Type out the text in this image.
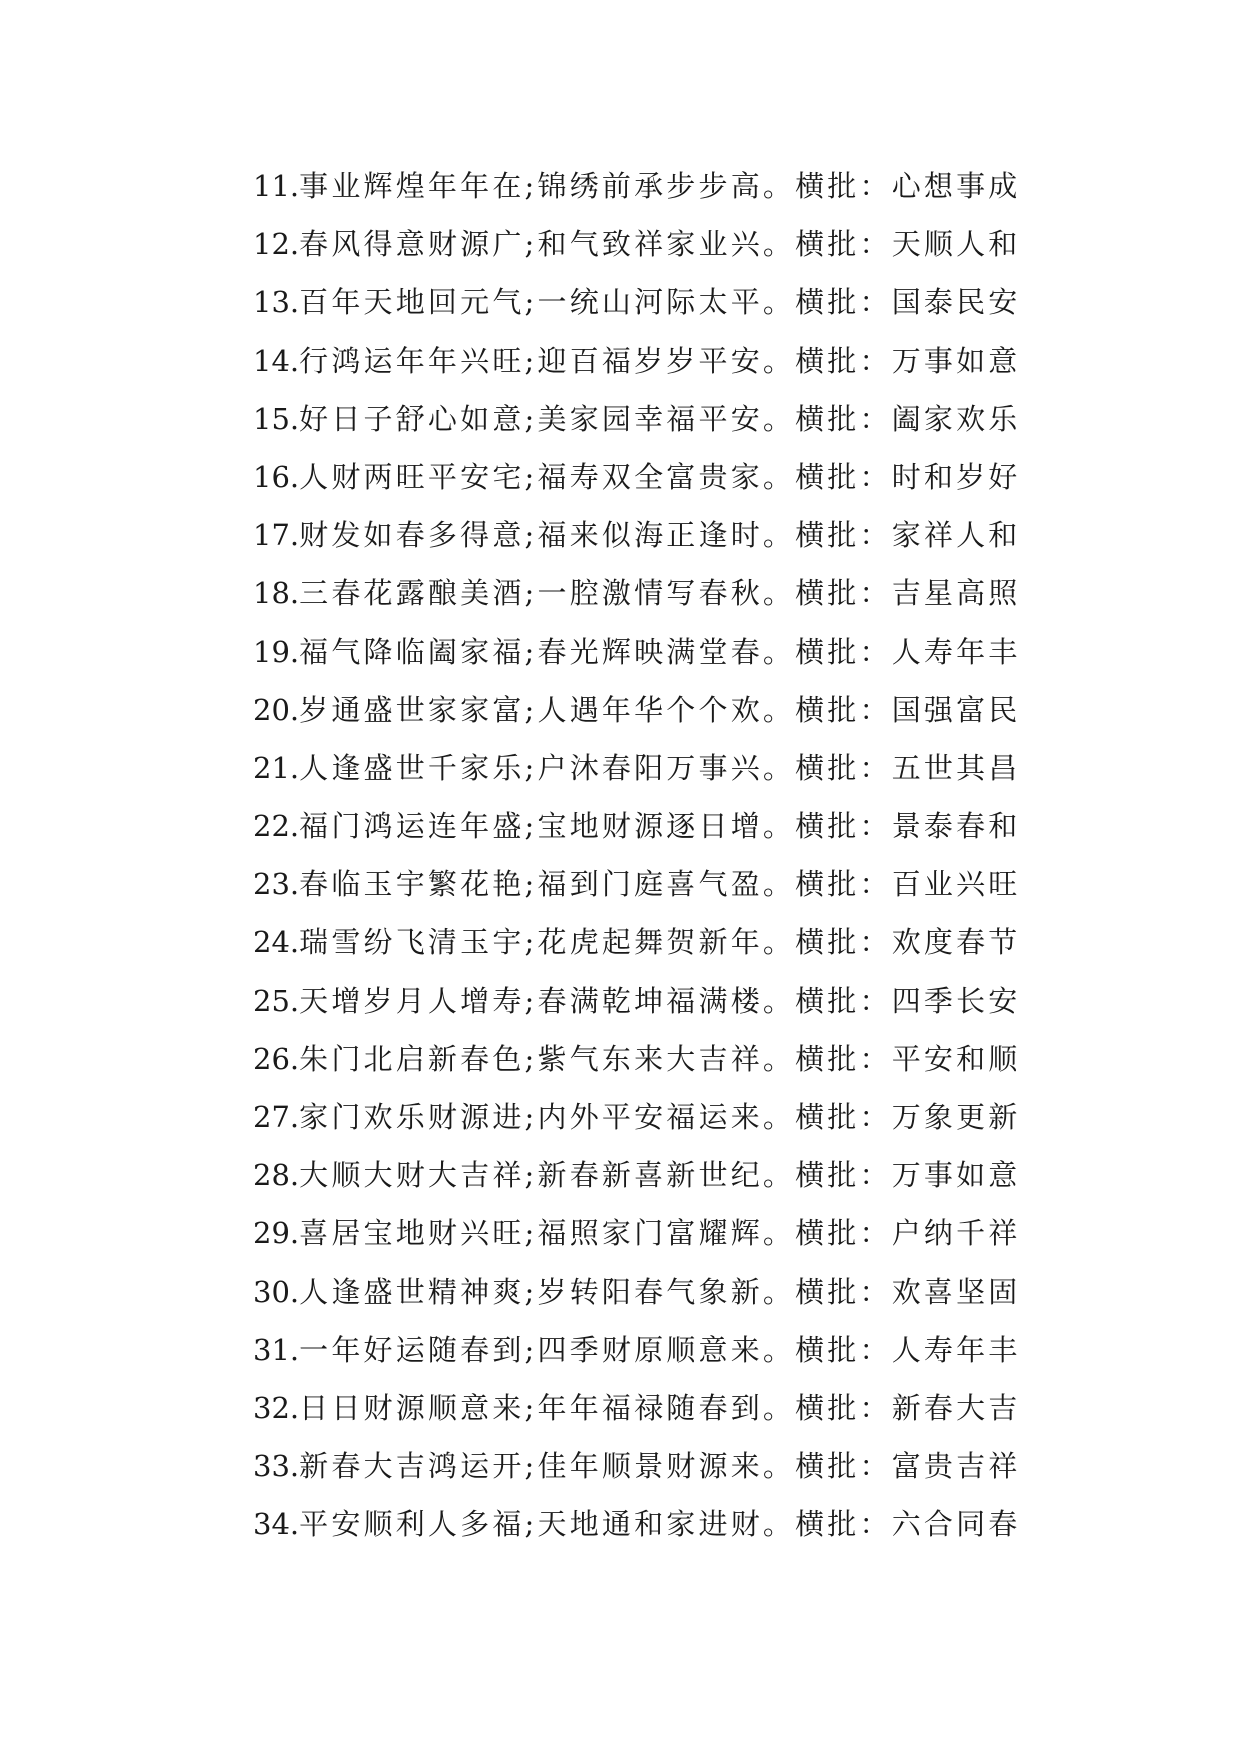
11.事业辉煌年年在;锦绣前承步步高。横批：心想事成
12.春风得意财源广;和气致祥家业兴。横批：天顺人和
13.百年天地回元气;一统山河际太平。横批：国泰民安
14.行鸿运年年兴旺;迎百福岁岁平安。横批：万事如意
15.好日子舒心如意;美家园幸福平安。横批：阖家欢乐
16.人财两旺平安宅;福寿双全富贵家。横批：时和岁好
17.财发如春多得意;福来似海正逢时。横批：家祥人和
18.三春花露酿美酒;一腔激情写春秋。横批：吉星高照
19.福气降临阖家福;春光辉映满堂春。横批：人寿年丰
20.岁通盛世家家富;人遇年华个个欢。横批：国强富民
21.人逢盛世千家乐;户沐春阳万事兴。横批：五世其昌
22.福门鸿运连年盛;宝地财源逐日增。横批：景泰春和
23.春临玉宇繁花艳;福到门庭喜气盈。横批：百业兴旺
24.瑞雪纷飞清玉宇;花虎起舞贺新年。横批：欢度春节
25.天增岁月人增寿;春满乾坤福满楼。横批：四季长安
26.朱门北启新春色;紫气东来大吉祥。横批：平安和顺
27.家门欢乐财源进;内外平安福运来。横批：万象更新
28.大顺大财大吉祥;新春新喜新世纪。横批：万事如意
29.喜居宝地财兴旺;福照家门富耀辉。横批：户纳千祥
30.人逢盛世精神爽;岁转阳春气象新。横批：欢喜坚固
31.一年好运随春到;四季财原顺意来。横批：人寿年丰
32.日日财源顺意来;年年福禄随春到。横批：新春大吉
33.新春大吉鸿运开;佳年顺景财源来。横批：富贵吉祥
34.平安顺利人多福;天地通和家进财。横批：六合同春
